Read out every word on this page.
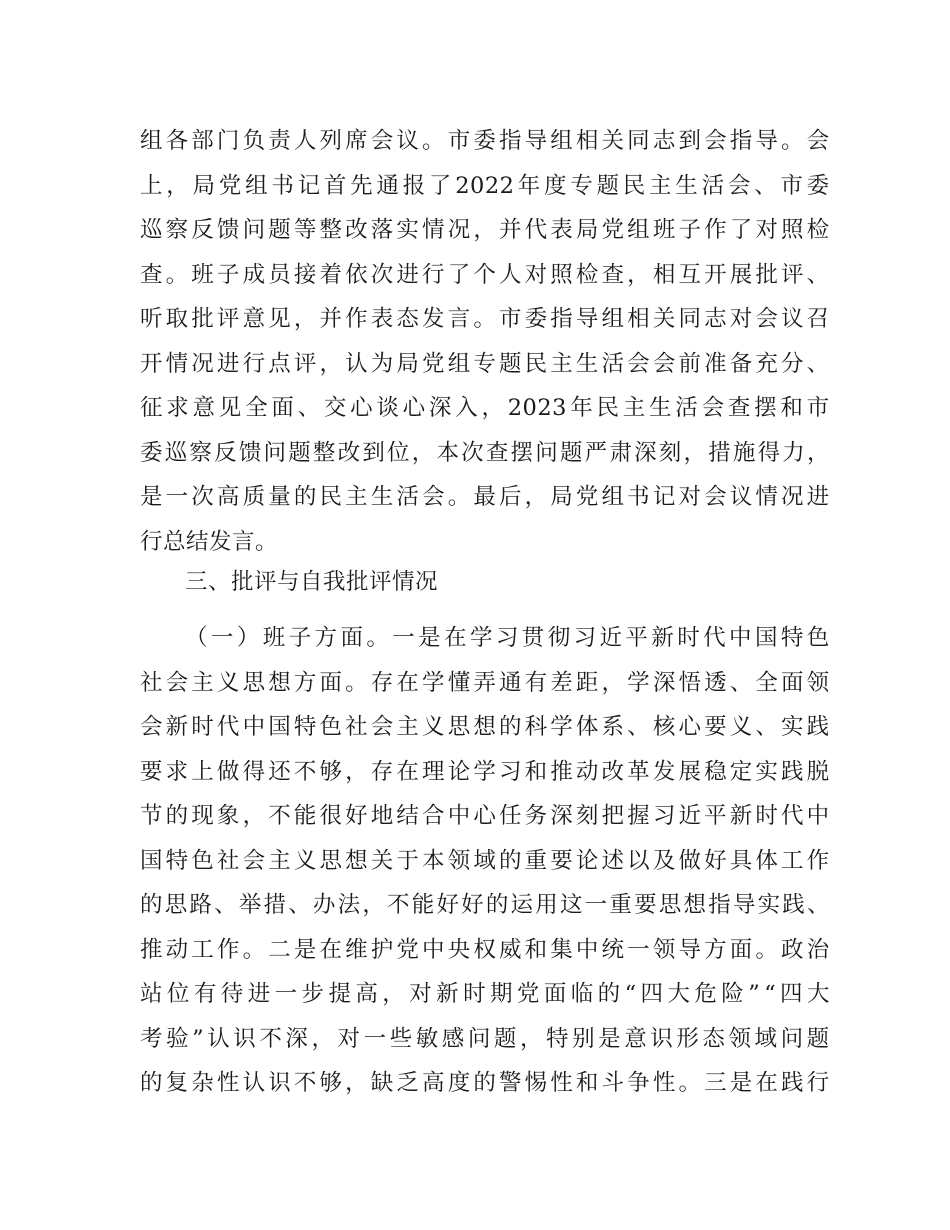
组 各 部 门 负 责 人 列 席 会 议 。 市 委 指 导 组 相 关 同 志 到 会 指 导 。 会
上 ， 局 党 组 书 记 首 先 通 报 了 2022 年 度 专 题 民 主 生 活 会 、 市 委
巡 察 反 馈 问 题 等 整 改 落 实 情 况 ， 并 代 表 局 党 组 班 子 作 了 对 照 检
查 。 班 子 成 员 接 着 依 次 进 行 了 个 人 对 照 检 查 ， 相 互 开 展 批 评 、
听 取 批 评 意 见 ， 并 作 表 态 发 言 。 市 委 指 导 组 相 关 同 志 对 会 议 召
开 情 况 进 行 点 评 ， 认 为 局 党 组 专 题 民 主 生 活 会 会 前 准 备 充 分 、
征 求 意 见 全 面 、 交 心 谈 心 深 入 ， 2023 年 民 主 生 活 会 查 摆 和 市
委 巡 察 反 馈 问 题 整 改 到 位 ， 本 次 查 摆 问 题 严 肃 深 刻 ， 措 施 得 力 ，
是 一 次 高 质 量 的 民 主 生 活 会 。 最 后 ， 局 党 组 书 记 对 会 议 情 况 进
行总结发言。
三、批评与自我批评情况
（ 一 ） 班 子 方 面 。 一 是 在 学 习 贯 彻 习 近 平 新 时 代 中 国 特 色
社 会 主 义 思 想 方 面 。 存 在 学 懂 弄 通 有 差 距 ， 学 深 悟 透 、 全 面 领
会 新 时 代 中 国 特 色 社 会 主 义 思 想 的 科 学 体 系 、 核 心 要 义 、 实 践
要 求 上 做 得 还 不 够 ， 存 在 理 论 学 习 和 推 动 改 革 发 展 稳 定 实 践 脱
节 的 现 象 ， 不 能 很 好 地 结 合 中 心 任 务 深 刻 把 握 习 近 平 新 时 代 中
国 特 色 社 会 主 义 思 想 关 于 本 领 域 的 重 要 论 述 以 及 做 好 具 体 工 作
的 思 路 、 举 措 、 办 法 ， 不 能 好 好 的 运 用 这 一 重 要 思 想 指 导 实 践 、
推 动 工 作 。 二 是 在 维 护 党 中 央 权 威 和 集 中 统 一 领 导 方 面 。 政 治
站 位 有 待 进 一 步 提 高 ， 对 新 时 期 党 面 临 的 “ 四 大 危 险 ” “ 四 大
考 验 ” 认 识 不 深 ， 对 一 些 敏 感 问 题 ， 特 别 是 意 识 形 态 领 域 问 题
的 复 杂 性 认 识 不 够 ， 缺 乏 高 度 的 警 惕 性 和 斗 争 性 。 三 是 在 践 行
